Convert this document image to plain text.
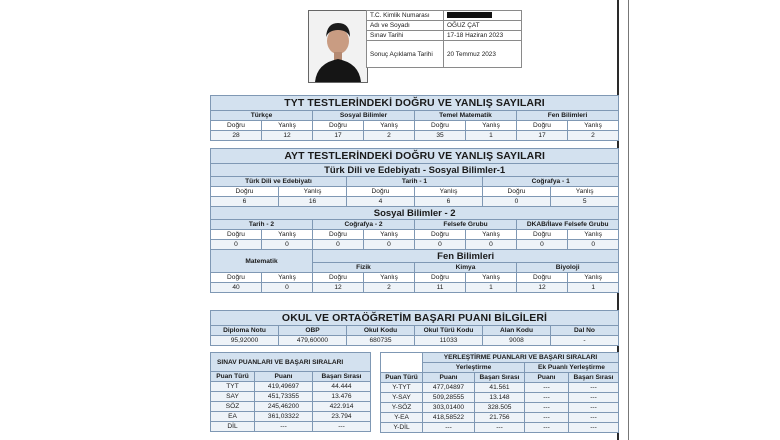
T.C. Kimlik Numarası	
Adı ve Soyadı	OĞUZ ÇAT
Sınav Tarihi	17-18 Haziran 2023
Sonuç Açıklama Tarihi	20 Temmuz 2023
TYT TESTLERİNDEKİ DOĞRU VE YANLIŞ SAYILARI							
Türkçe		Sosyal Bilimler		Temel Matematik		Fen Bilimleri	
Doğru	Yanlış	Doğru	Yanlış	Doğru	Yanlış	Doğru	Yanlış
28	12	17	2	35	1	17	2
AYT TESTLERİNDEKİ DOĞRU VE YANLIŞ SAYILARI											
Türk Dili ve Edebiyatı - Sosyal Bilimler-1											
Türk Dili ve Edebiyatı				Tarih - 1				Coğrafya - 1			
Doğru		Yanlış		Doğru		Yanlış		Doğru		Yanlış	
6		16		4		6		0		5	
Sosyal Bilimler - 2											
Tarih - 2			Coğrafya - 2			Felsefe Grubu			DKAB/İlave Felsefe Grubu		
Doğru	Yanlış		Doğru		Yanlış	Doğru	Yanlış		Doğru		Yanlış
0	0		0		0	0	0		0		0
Matematik			Fen Bilimleri								
			Fizik			Kimya			Biyoloji		
Doğru	Yanlış		Doğru		Yanlış	Doğru	Yanlış		Doğru		Yanlış
40	0		12		2	11	1		12		1
OKUL VE ORTAÖĞRETİM BAŞARI PUANI BİLGİLERİ					
Diploma Notu	OBP	Okul Kodu	Okul Türü Kodu	Alan Kodu	Dal No
95,92000	479,60000	680735	11033	9008	-
SINAV PUANLARI VE BAŞARI SIRALARI		
Puan Türü	Puanı	Başarı Sırası
TYT	419,49697	44.444
SAY	451,73355	13.476
SÖZ	245,46200	422.914
EA	361,03322	23.794
DİL	---	---
	YERLEŞTİRME PUANLARI VE BAŞARI SIRALARI			
	Yerleştirme		Ek Puanlı Yerleştirme	
Puan Türü	Puanı	Başarı Sırası	Puanı	Başarı Sırası
Y-TYT	477,04897	41.561	---	---
Y-SAY	509,28555	13.148	---	---
Y-SÖZ	303,01400	328.505	---	---
Y-EA	418,58522	21.756	---	---
Y-DİL	---	---	---	---
